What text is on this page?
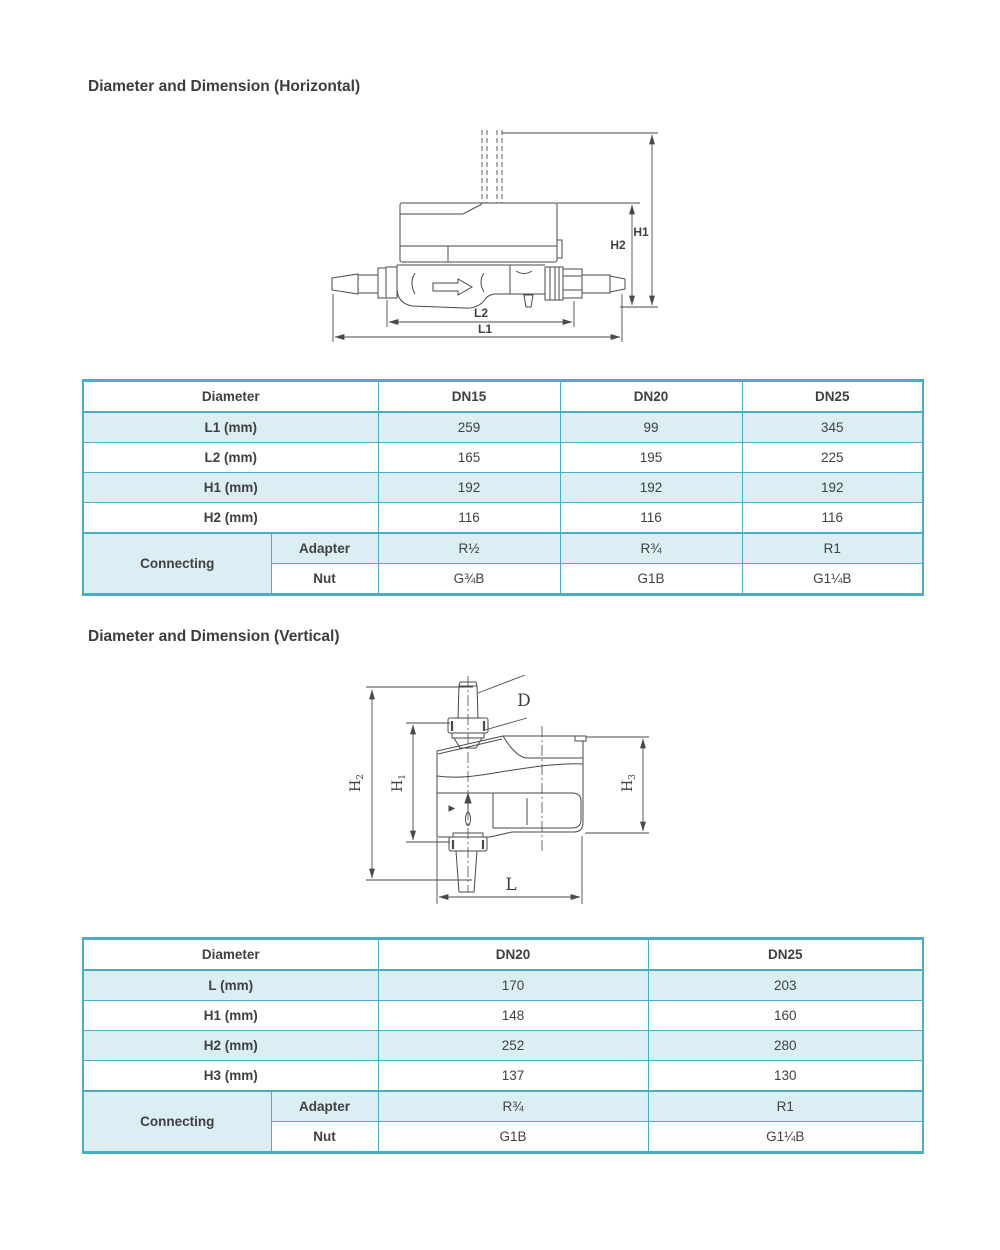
Diameter and Dimension (Horizontal)
H1
H2
L2
L1
Diameter		DN15	DN20	DN25
L1 (mm)		259	99	345
L2 (mm)		165	195	225
H1 (mm)		192	192	192
H2 (mm)		116	116	116
Connecting	Adapter	R½	R¾	R1
	Nut	G¾B	G1B	G1¼B
Diameter and Dimension (Vertical)
D
L
$H_2$
$H_1$
$H_3$
Diameter		DN20	DN25
L (mm)		170	203
H1 (mm)		148	160
H2 (mm)		252	280
H3 (mm)		137	130
Connecting	Adapter	R¾	R1
	Nut	G1B	G1¼B
